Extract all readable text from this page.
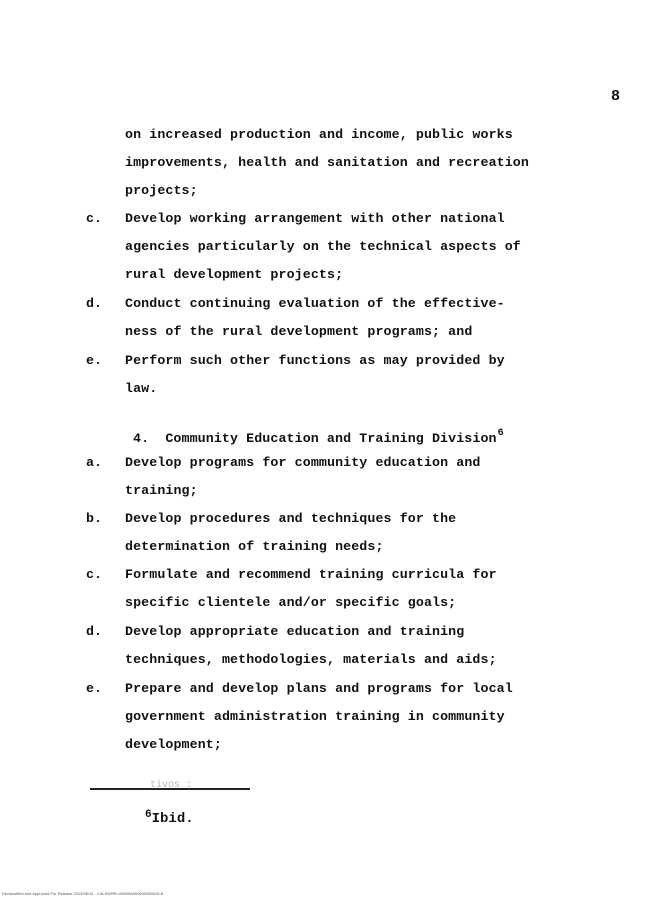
8
on increased production and income, public works
improvements, health and sanitation and recreation
projects;
c. Develop working arrangement with other national
agencies particularly on the technical aspects of
rural development projects;
d. Conduct continuing evaluation of the effective-
ness of the rural development programs; and
e. Perform such other functions as may provided by
law.
4. Community Education and Training Division$^6$
a. Develop programs for community education and
training;
b. Develop procedures and techniques for the
determination of training needs;
c. Formulate and recommend training curricula for
specific clientele and/or specific goals;
d. Develop appropriate education and training
techniques, methodologies, materials and aids;
e. Prepare and develop plans and programs for local
government administration training in community
development;
tivos :
$^6$Ibid.
Declassified and Approved For Release 2013/08/12 : CIA-RDP80-00809A000600050026-8
